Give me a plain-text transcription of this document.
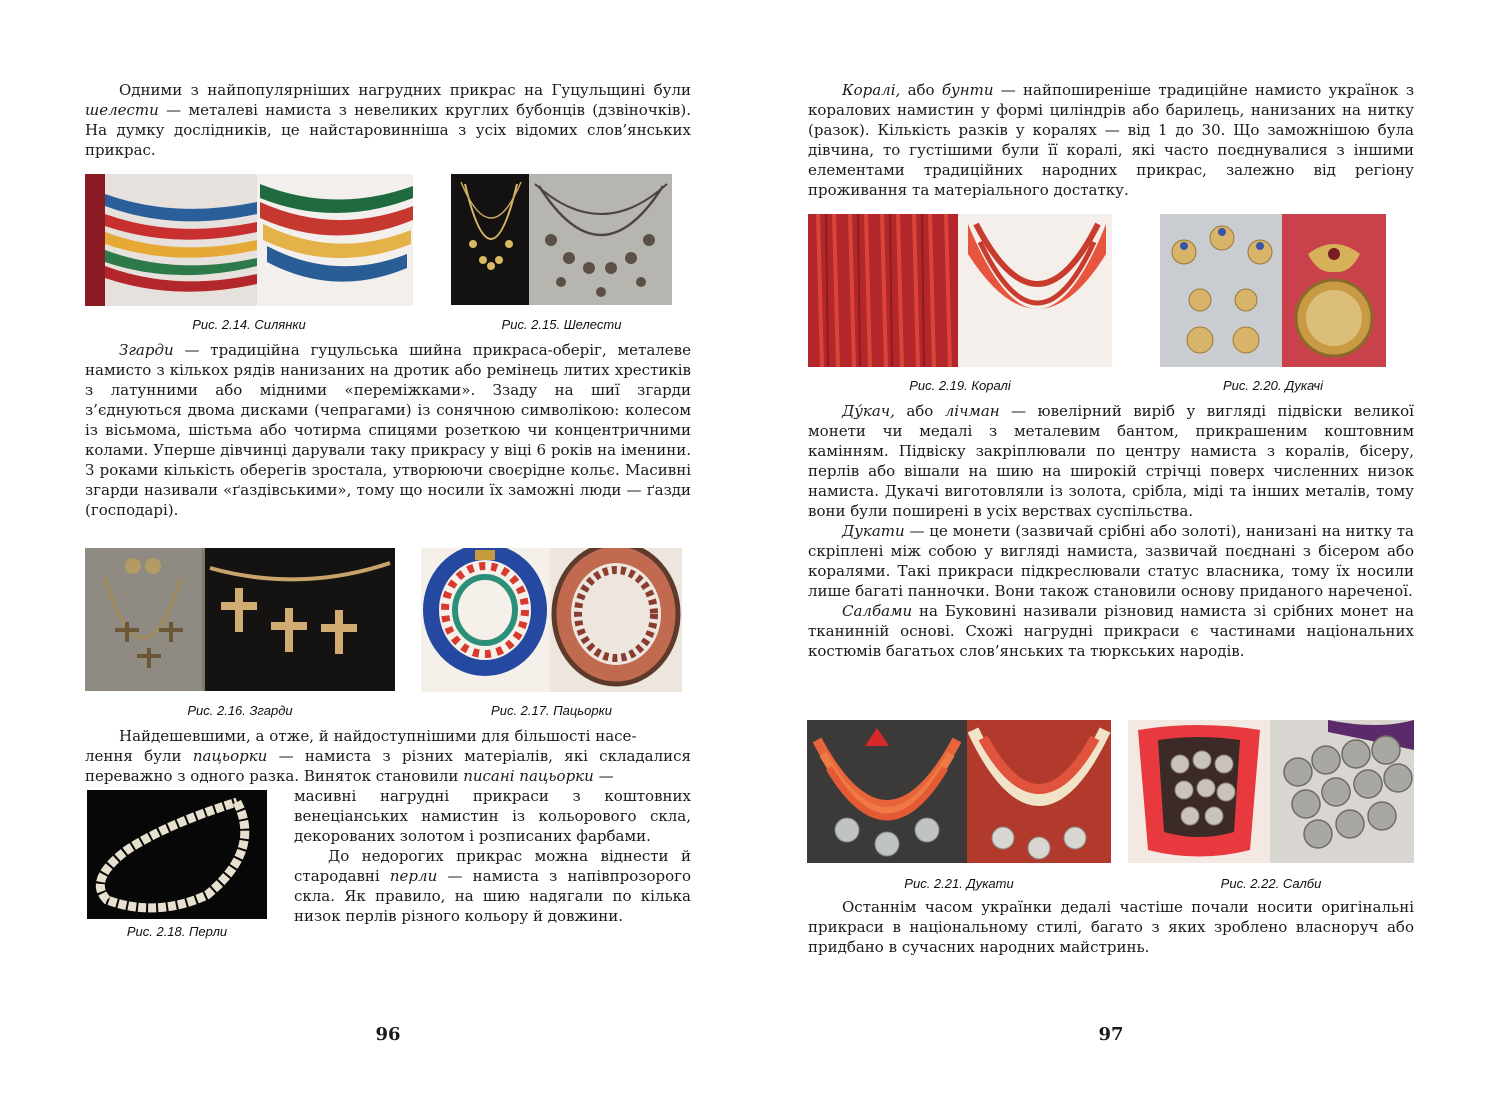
Одними з найпопулярніших нагрудних прикрас на Гуцульщині були шелести — металеві намиста з невеликих круглих бубонців (дзвіночків). На думку дослідників, це найстаровинніша з усіх відомих слов’янських прикрас.

Рис. 2.14. Силянки	Рис. 2.15. Шелести

Згарди — традиційна гуцульська шийна прикраса-оберіг, металеве намисто з кількох рядів нанизаних на дротик або ремінець литих хрестиків з латунними або мідними «переміжками». Ззаду на шиї згарди з’єднуються двома дисками (чепрагами) із сонячною символікою: колесом із вісьмома, шістьма або чотирма спицями розеткою чи концентричними колами. Уперше дівчинці дарували таку прикрасу у віці 6 років на іменини. З роками кількість оберегів зростала, утворюючи своєрідне кольє. Масивні згарди називали «ґаздівськими», тому що носили їх заможні люди — ґазди (господарі).

Рис. 2.16. Згарди	Рис. 2.17. Пацьорки

Найдешевшими, а отже, й найдоступнішими для більшості насе-

лення були пацьорки — намиста з різних матеріалів, які складалися переважно з одного разка. Виняток становили писані пацьорки —

Рис. 2.18. Перли

масивні нагрудні прикраси з коштовних венеціанських намистин із кольорового скла, декорованих золотом і розписаних фарбами.

До недорогих прикрас можна віднести й стародавні перли — намиста з напівпрозорого скла. Як правило, на шию надягали по кілька низок перлів різного кольору й довжини.

96

Коралі, або бунти — найпоширеніше традиційне намисто українок з коралових намистин у формі циліндрів або барилець, нанизаних на нитку (разок). Кількість разків у коралях — від 1 до 30. Що заможнішою була дівчина, то густішими були її коралі, які часто поєднувалися з іншими елементами традиційних народних прикрас, залежно від регіону проживання та матеріального достатку.

Рис. 2.19. Коралі	Рис. 2.20. Дукачі

Ду́кач, або лічман — ювелірний виріб у вигляді підвіски великої монети чи медалі з металевим бантом, прикрашеним коштовним камінням. Підвіску закріплювали по центру намиста з коралів, бісеру, перлів або вішали на шию на широкій стрічці поверх численних низок намиста. Дукачі виготовляли із золота, срібла, міді та інших металів, тому вони були поширені в усіх верствах суспільства.

Дукати — це монети (зазвичай срібні або золоті), нанизані на нитку та скріплені між собою у вигляді намиста, зазвичай поєднані з бісером або коралями. Такі прикраси підкреслювали статус власника, тому їх носили лише багаті панночки. Вони також становили основу приданого нареченої.

Салбами на Буковині називали різновид намиста зі срібних монет на тканинній основі. Схожі нагрудні прикраси є частинами національних костюмів багатьох слов’янських та тюркських народів.

Рис. 2.21. Дукати	Рис. 2.22. Салби

Останнім часом українки дедалі частіше почали носити оригінальні прикраси в національному стилі, багато з яких зроблено власноруч або придбано в сучасних народних майстринь.

97
